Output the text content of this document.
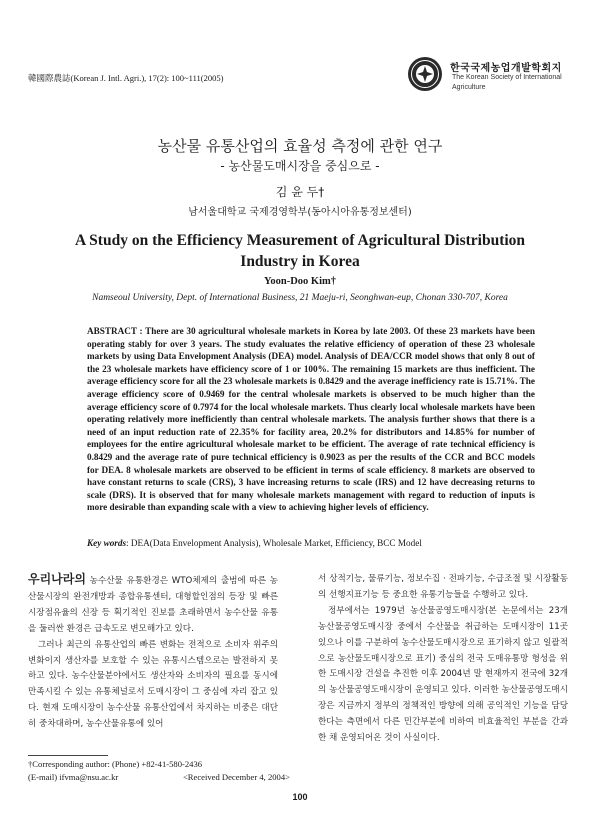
韓國際農誌(Korean J. Intl. Agri.), 17(2): 100~111(2005)
한국국제농업개발학회지
The Korean Society of International
Agriculture
농산물 유통산업의 효율성 측정에 관한 연구
- 농산물도매시장을 중심으로 -
김 윤 두†
남서울대학교 국제경영학부(동아시아유통정보센터)
A Study on the Efficiency Measurement of Agricultural Distribution Industry in Korea
Yoon-Doo Kim†
Namseoul University, Dept. of International Business, 21 Maeju-ri, Seonghwan-eup, Chonan 330-707, Korea
ABSTRACT : There are 30 agricultural wholesale markets in Korea by late 2003. Of these 23 markets have been operating stably for over 3 years. The study evaluates the relative efficiency of operation of these 23 wholesale markets by using Data Envelopment Analysis (DEA) model. Analysis of DEA/CCR model shows that only 8 out of the 23 wholesale markets have efficiency score of 1 or 100%. The remaining 15 markets are thus inefficient. The average efficiency score for all the 23 wholesale markets is 0.8429 and the average inefficiency rate is 15.71%. The average efficiency score of 0.9469 for the central wholesale markets is observed to be much higher than the average efficiency score of 0.7974 for the local wholesale markets. Thus clearly local wholesale markets have been operating relatively more inefficiently than central wholesale markets. The analysis further shows that there is a need of an input reduction rate of 22.35% for facility area, 20.2% for distributors and 14.85% for number of employees for the entire agricultural wholesale market to be efficient. The average of rate technical efficiency is 0.8429 and the average rate of pure technical efficiency is 0.9023 as per the results of the CCR and BCC models for DEA. 8 wholesale markets are observed to be efficient in terms of scale efficiency. 8 markets are observed to have constant returns to scale (CRS), 3 have increasing returns to scale (IRS) and 12 have decreasing returns to scale (DRS). It is observed that for many wholesale markets management with regard to reduction of inputs is more desirable than expanding scale with a view to achieving higher levels of efficiency.
Key words: DEA(Data Envelopment Analysis), Wholesale Market, Efficiency, BCC Model

우리나라의 농수산물 유통환경은 WTO체제의 출범에 따른 농산물시장의 완전개방과 종합유통센터, 대형할인점의 등장 및 빠른 시장점유율의 신장 등 획기적인 진보를 초래하면서 농수산물 유통을 둘러싼 환경은 급속도로 변모해가고 있다.

그러나 최근의 유통산업의 빠른 변화는 전적으로 소비자 위주의 변화이지 생산자를 보호할 수 있는 유통시스템으로는 발전하지 못하고 있다. 농수산물분야에서도 생산자와 소비자의 필요를 동시에 만족시킬 수 있는 유통체널로서 도매시장이 그 중심에 자리 잡고 있다. 현재 도매시장이 농수산물 유통산업에서 차지하는 비중은 대단히 중차대하며, 농수산물유통에 있어

서 상적기능, 물류기능, 정보수집 · 전파기능, 수급조절 및 시장활동의 선행지표기능 등 중요한 유통기능들을 수행하고 있다.

정부에서는 1979년 농산물공영도매시장(본 논문에서는 23개 농산물공영도매시장 중에서 수산물을 취급하는 도매시장이 11곳 있으나 이를 구분하여 농수산물도매시장으로 표기하지 않고 일괄적으로 농산물도매시장으로 표기) 중심의 전국 도매유통망 형성을 위한 도매시장 건설을 추진한 이후 2004년 말 현재까지 전국에 32개의 농산물공영도매시장이 운영되고 있다. 이러한 농산물공영도매시장은 지금까지 정부의 정책적인 방향에 의해 공익적인 기능을 담당한다는 측면에서 다른 민간부분에 비하여 비효율적인 부분을 간과한 채 운영되어온 것이 사실이다.

†Corresponding author: (Phone) +82-41-580-2436
(E-mail) ifvma@nsu.ac.kr	<Received December 4, 2004>
100
